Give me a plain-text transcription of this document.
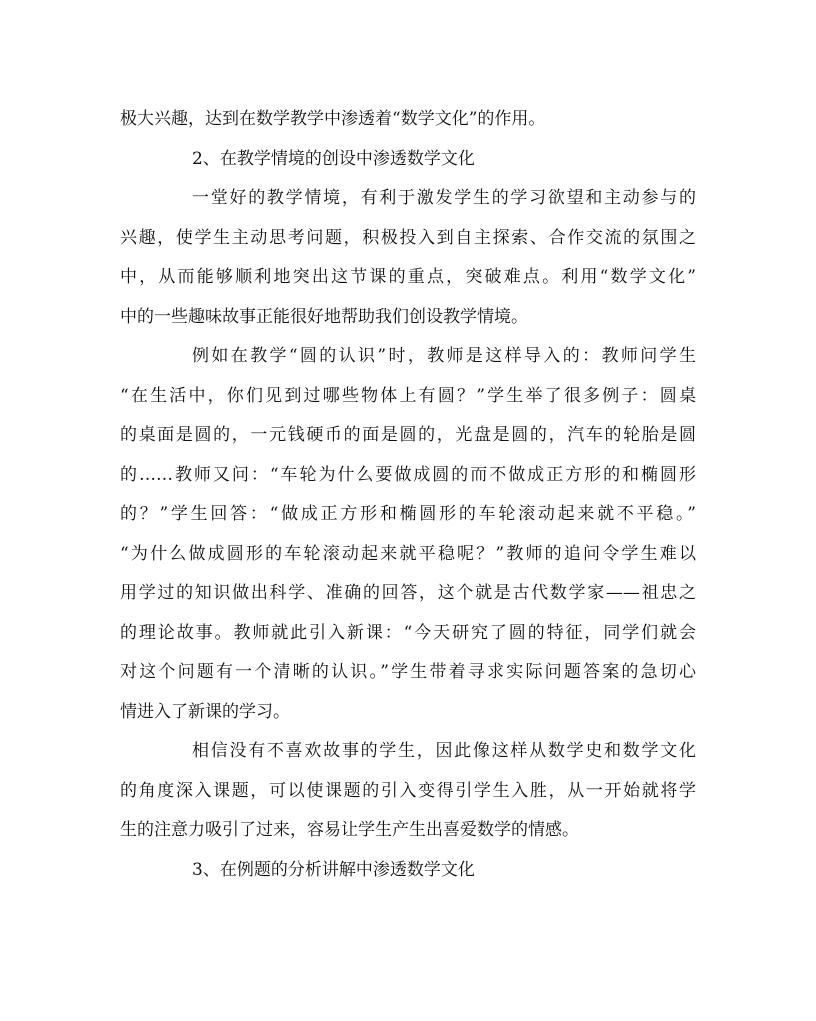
极大兴趣，达到在数学教学中渗透着“数学文化”的作用。
2、在教学情境的创设中渗透数学文化
一堂好的教学情境，有利于激发学生的学习欲望和主动参与的
兴趣，使学生主动思考问题，积极投入到自主探索、合作交流的氛围之
中，从而能够顺利地突出这节课的重点，突破难点。利用“数学文化”
中的一些趣味故事正能很好地帮助我们创设教学情境。
例如在教学“圆的认识”时，教师是这样导入的：教师问学生
“在生活中，你们见到过哪些物体上有圆？”学生举了很多例子：圆桌
的桌面是圆的，一元钱硬币的面是圆的，光盘是圆的，汽车的轮胎是圆
的……教师又问：“车轮为什么要做成圆的而不做成正方形的和椭圆形
的？”学生回答：“做成正方形和椭圆形的车轮滚动起来就不平稳。”
“为什么做成圆形的车轮滚动起来就平稳呢？”教师的追问令学生难以
用学过的知识做出科学、准确的回答，这个就是古代数学家——祖忠之
的理论故事。教师就此引入新课：“今天研究了圆的特征，同学们就会
对这个问题有一个清晰的认识。”学生带着寻求实际问题答案的急切心
情进入了新课的学习。
相信没有不喜欢故事的学生，因此像这样从数学史和数学文化
的角度深入课题，可以使课题的引入变得引学生入胜，从一开始就将学
生的注意力吸引了过来，容易让学生产生出喜爱数学的情感。
3、在例题的分析讲解中渗透数学文化
